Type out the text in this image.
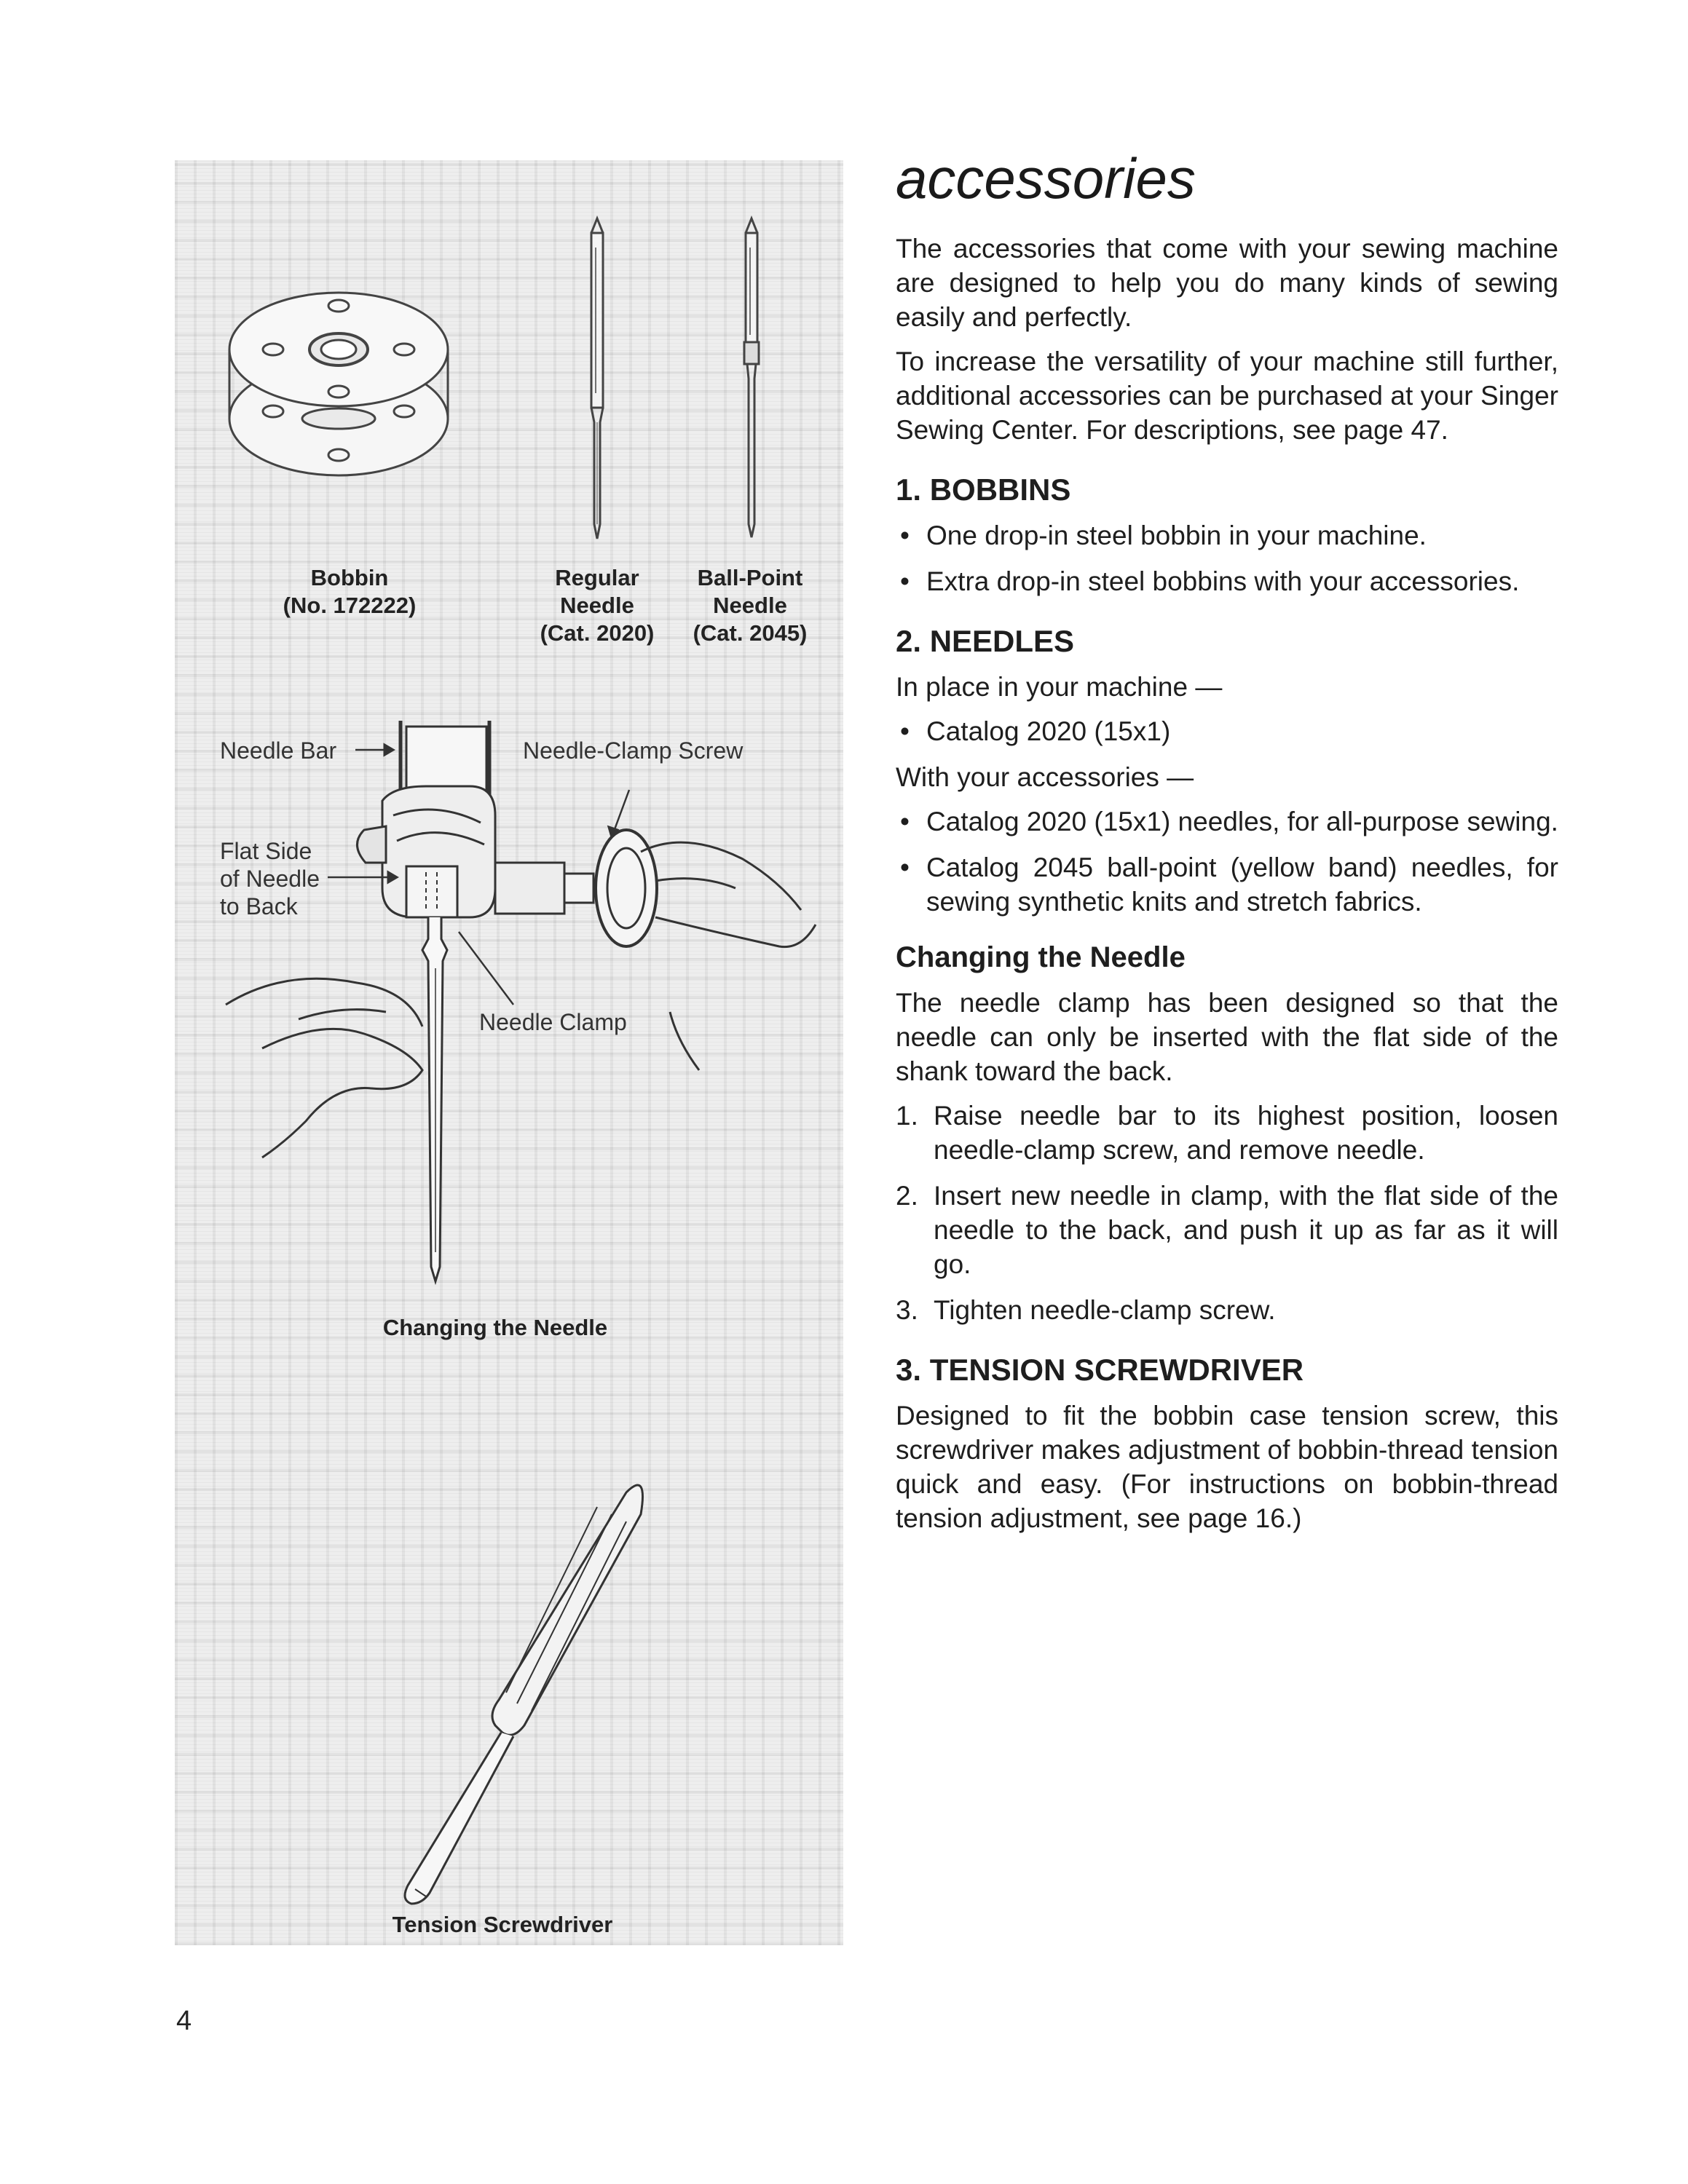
Bobbin
(No. 172222)
Regular
Needle
(Cat. 2020)
Ball-Point
Needle
(Cat. 2045)
Needle Bar	Needle-Clamp Screw
Flat Side
of Needle
to Back
Needle Clamp
Changing the Needle
Tension Screwdriver
accessories

The accessories that come with your sewing machine are designed to help you do many kinds of sewing easily and perfectly.

To increase the versatility of your machine still further, additional accessories can be purchased at your Singer Sewing Center. For descriptions, see page 47.

1. BOBBINS
• One drop-in steel bobbin in your machine.
• Extra drop-in steel bobbins with your accessories.
2. NEEDLES

In place in your machine —

• Catalog 2020 (15x1)

With your accessories —

• Catalog 2020 (15x1) needles, for all-purpose sewing.
• Catalog 2045 ball-point (yellow band) needles, for sewing synthetic knits and stretch fabrics.
Changing the Needle

The needle clamp has been designed so that the needle can only be inserted with the flat side of the shank toward the back.

1. Raise needle bar to its highest position, loosen needle-clamp screw, and remove needle.
2. Insert new needle in clamp, with the flat side of the needle to the back, and push it up as far as it will go.
3. Tighten needle-clamp screw.
3. TENSION SCREWDRIVER

Designed to fit the bobbin case tension screw, this screwdriver makes adjustment of bobbin-thread tension quick and easy. (For instructions on bobbin-thread tension adjustment, see page 16.)

4
